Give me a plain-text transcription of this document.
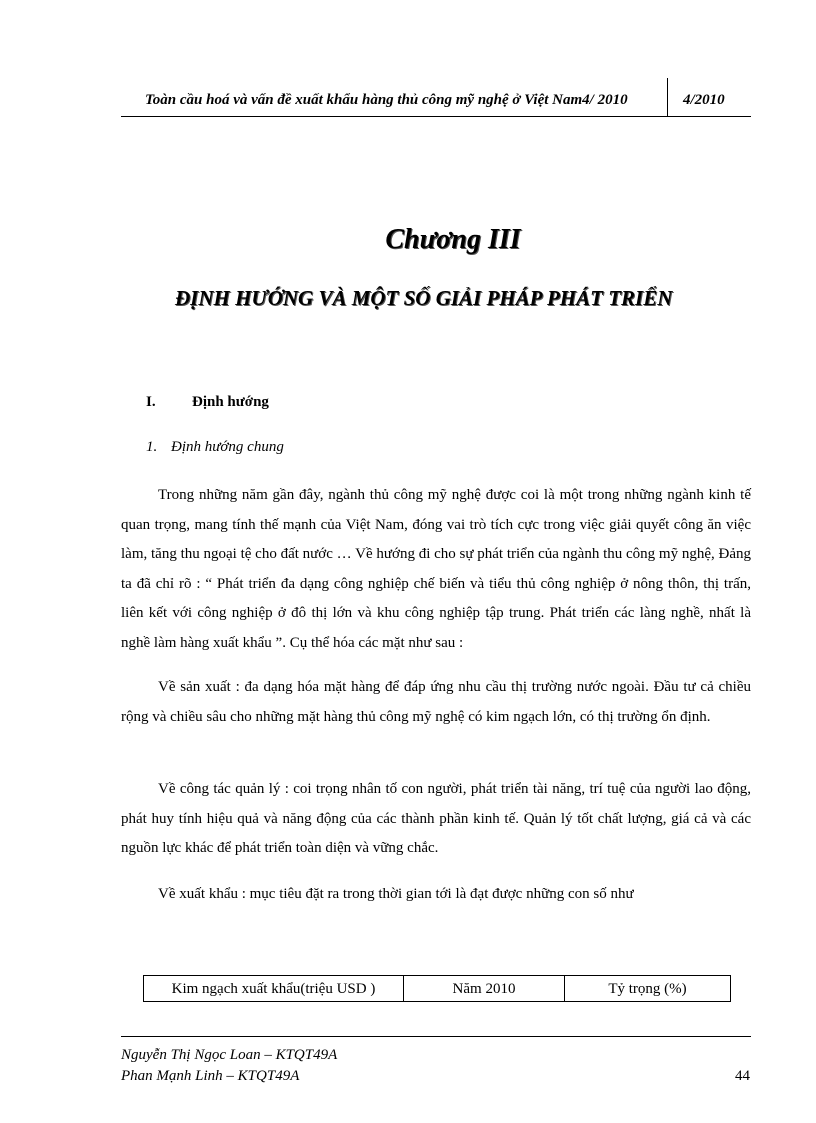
Toàn cầu hoá và vấn đề xuất khẩu hàng thủ công mỹ nghệ ở Việt Nam4/ 2010	4/2010
Chương III
ĐỊNH HƯỚNG VÀ MỘT SỐ GIẢI PHÁP PHÁT TRIỂN
I. Định hướng
1. Định hướng chung

Trong những năm gần đây, ngành thủ công mỹ nghệ được coi là một trong những ngành kinh tế quan trọng, mang tính thế mạnh của Việt Nam, đóng vai trò tích cực trong việc giải quyết công ăn việc làm, tăng thu ngoại tệ cho đất nước … Về hướng đi cho sự phát triển của ngành thu công mỹ nghệ, Đảng ta đã chỉ rõ : “ Phát triển đa dạng công nghiệp chế biến và tiểu thủ công nghiệp ở nông thôn, thị trấn, liên kết với công nghiệp ở đô thị lớn và khu công nghiệp tập trung. Phát triển các làng nghề, nhất là nghề làm hàng xuất khẩu ”. Cụ thể hóa các mặt như sau :

Về sản xuất : đa dạng hóa mặt hàng để đáp ứng nhu cầu thị trường nước ngoài. Đầu tư cả chiều rộng và chiều sâu cho những mặt hàng thủ công mỹ nghệ có kim ngạch lớn, có thị trường ổn định.

Về công tác quản lý : coi trọng nhân tố con người, phát triển tài năng, trí tuệ của người lao động, phát huy tính hiệu quả và năng động của các thành phần kinh tế. Quản lý tốt chất lượng, giá cả và các nguồn lực khác để phát triển toàn diện và vững chắc.

Về xuất khẩu : mục tiêu đặt ra trong thời gian tới là đạt được những con số như

Kim ngạch xuất khẩu(triệu USD )	Năm 2010	Tỷ trọng (%)
Nguyễn Thị Ngọc Loan – KTQT49A
Phan Mạnh Linh – KTQT49A	44
